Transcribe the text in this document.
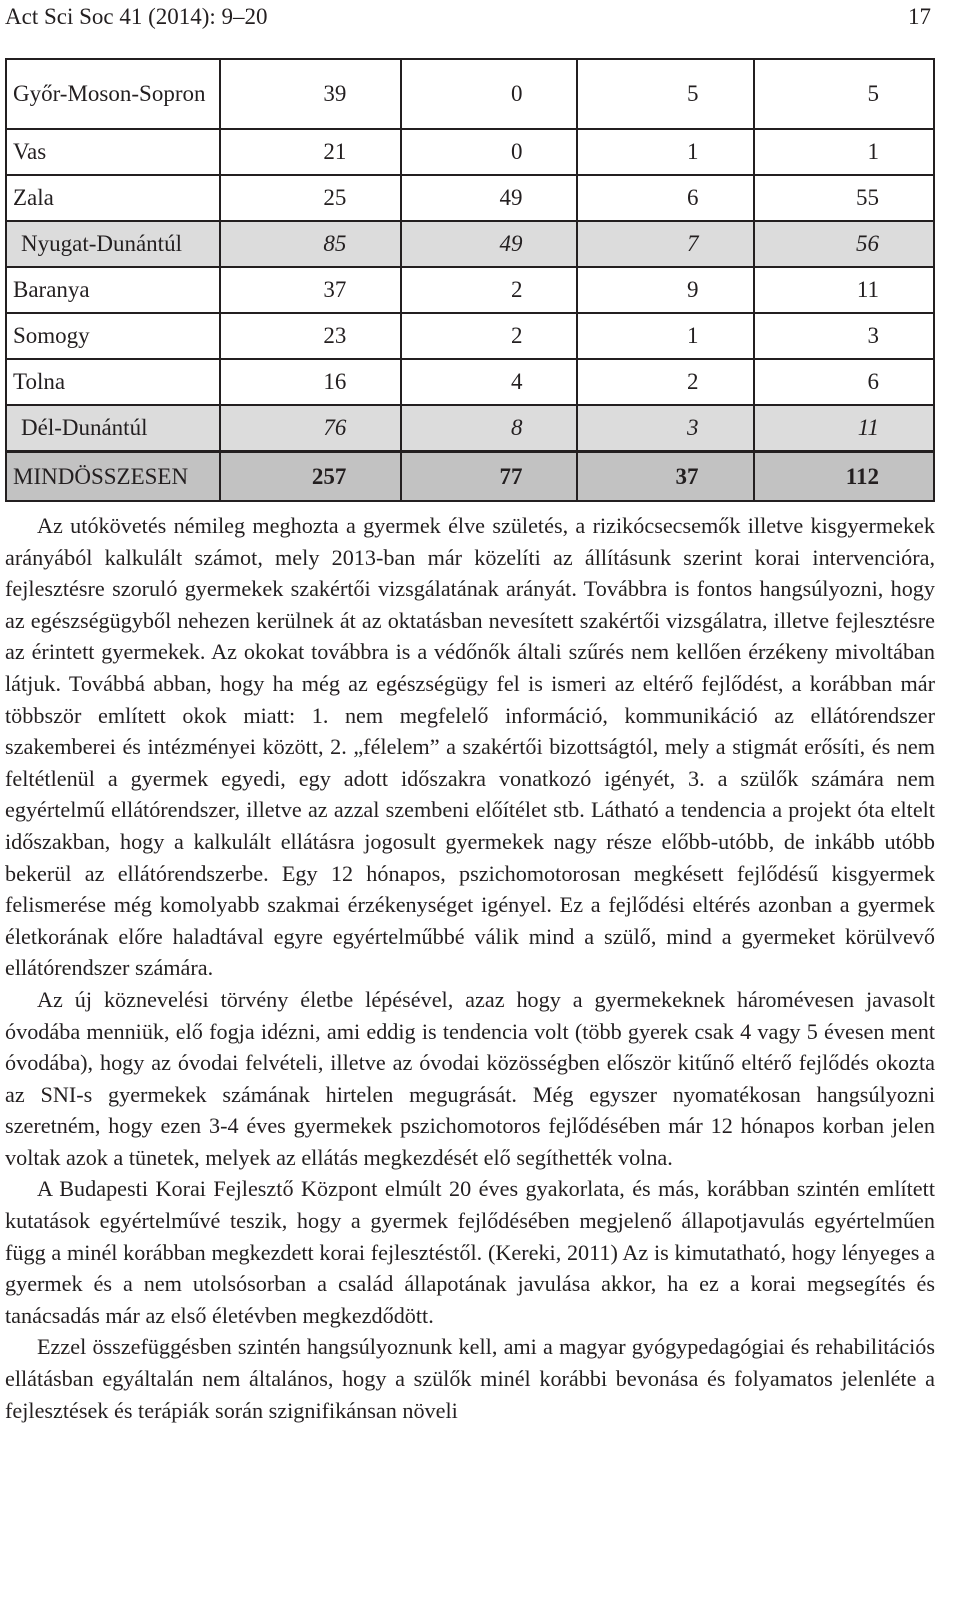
Act Sci Soc 41 (2014): 9–20	17
Győr-Moson-Sopron	39	0	5	5
Vas	21	0	1	1
Zala	25	49	6	55
Nyugat-Dunántúl	85	49	7	56
Baranya	37	2	9	11
Somogy	23	2	1	3
Tolna	16	4	2	6
Dél-Dunántúl	76	8	3	11
MINDÖSSZESEN	257	77	37	112

Az utókövetés némileg meghozta a gyermek élve születés, a rizikócsecsemők illetve kisgyermekek arányából kalkulált számot, mely 2013-ban már közelíti az állításunk szerint korai intervencióra, fejlesztésre szoruló gyermekek szakértői vizsgálatának arányát. Továbbra is fontos hangsúlyozni, hogy az egészségügyből nehezen kerülnek át az oktatásban nevesített szakértői vizsgálatra, illetve fejlesztésre az érintett gyermekek. Az okokat továbbra is a védőnők általi szűrés nem kellően érzékeny mivoltában látjuk. Továbbá abban, hogy ha még az egészségügy fel is ismeri az eltérő fejlődést, a korábban már többször említett okok miatt: 1. nem megfelelő információ, kommunikáció az ellátórendszer szakemberei és intézményei között, 2. „félelem” a szakértői bizottságtól, mely a stigmát erősíti, és nem feltétlenül a gyermek egyedi, egy adott időszakra vonatkozó igényét, 3. a szülők számára nem egyértelmű ellátórendszer, illetve az azzal szembeni előítélet stb. Látható a tendencia a projekt óta eltelt időszakban, hogy a kalkulált ellátásra jogosult gyermekek nagy része előbb-utóbb, de inkább utóbb bekerül az ellátórendszerbe. Egy 12 hónapos, pszichomotorosan megkésett fejlődésű kisgyermek felismerése még komolyabb szakmai érzékenységet igényel. Ez a fejlődési eltérés azonban a gyermek életkorának előre haladtával egyre egyértelműbbé válik mind a szülő, mind a gyermeket körülvevő ellátórendszer számára.

Az új köznevelési törvény életbe lépésével, azaz hogy a gyermekeknek háromévesen javasolt óvodába menniük, elő fogja idézni, ami eddig is tendencia volt (több gyerek csak 4 vagy 5 évesen ment óvodába), hogy az óvodai felvételi, illetve az óvodai közösségben először kitűnő eltérő fejlődés okozta az SNI-s gyermekek számának hirtelen megugrását. Még egyszer nyomatékosan hangsúlyozni szeretném, hogy ezen 3-4 éves gyermekek pszichomotoros fejlődésében már 12 hónapos korban jelen voltak azok a tünetek, melyek az ellátás megkezdését elő segíthették volna.

A Budapesti Korai Fejlesztő Központ elmúlt 20 éves gyakorlata, és más, korábban szintén említett kutatások egyértelművé teszik, hogy a gyermek fejlődésében megjelenő állapotjavulás egyértelműen függ a minél korábban megkezdett korai fejlesztéstől. (Kereki, 2011) Az is kimutatható, hogy lényeges a gyermek és a nem utolsósorban a család állapotának javulása akkor, ha ez a korai megsegítés és tanácsadás már az első életévben megkezdődött.

Ezzel összefüggésben szintén hangsúlyoznunk kell, ami a magyar gyógypedagógiai és rehabilitációs ellátásban egyáltalán nem általános, hogy a szülők minél korábbi bevonása és folyamatos jelenléte a fejlesztések és terápiák során szignifikánsan növeli
